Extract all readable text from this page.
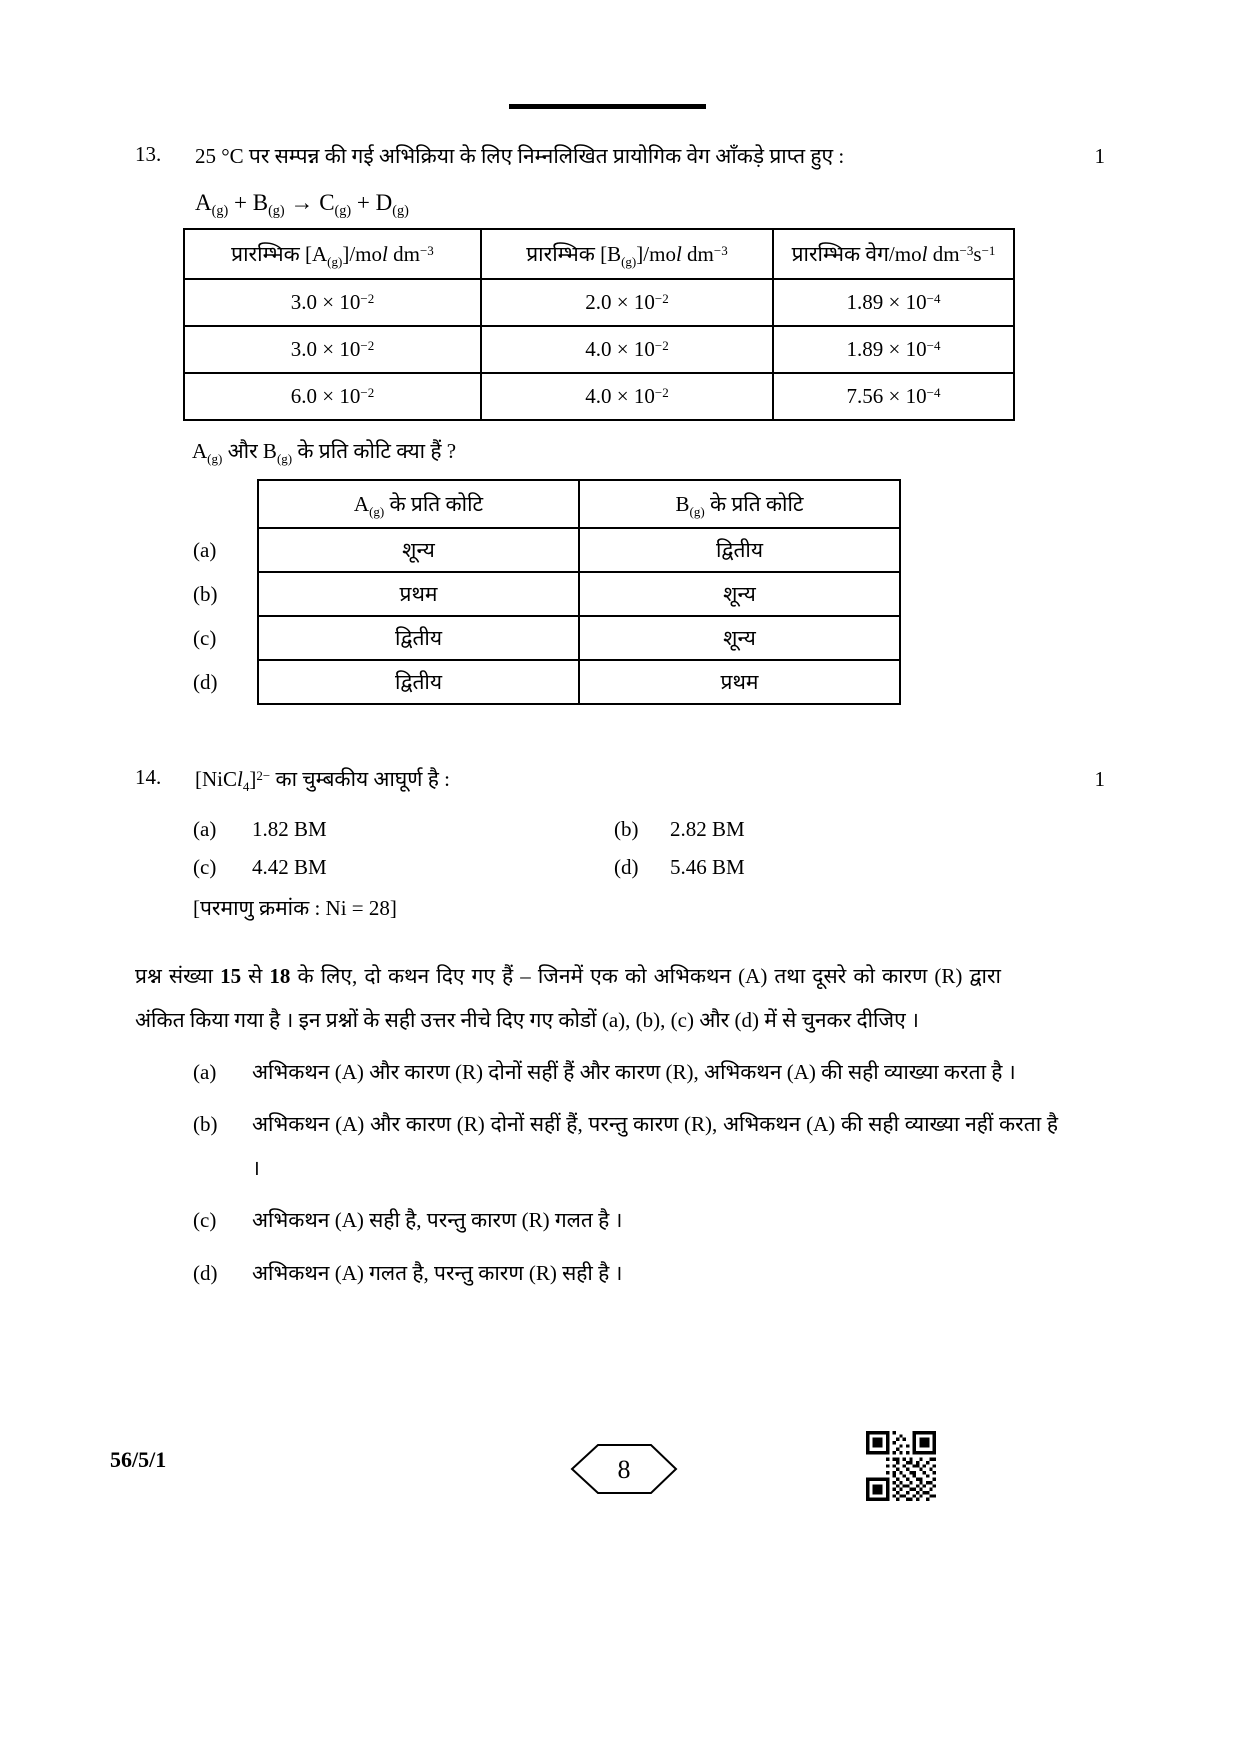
13.	25 °C पर सम्पन्न की गई अभिक्रिया के लिए निम्नलिखित प्रायोगिक वेग आँकड़े प्राप्त हुए :	1
$A_{(g)} + B_{(g)} \to C_{(g)} + D_{(g)}$
प्रारम्भिक $[A_{(g)}]$/mol $dm^{-3}$	प्रारम्भिक $[B_{(g)}]$/mol $dm^{-3}$	प्रारम्भिक वेग/mol $dm^{-3}s^{-1}$
$3.0 \times 10^{-2}$	$2.0 \times 10^{-2}$	$1.89 \times 10^{-4}$
$3.0 \times 10^{-2}$	$4.0 \times 10^{-2}$	$1.89 \times 10^{-4}$
$6.0 \times 10^{-2}$	$4.0 \times 10^{-2}$	$7.56 \times 10^{-4}$
$A_{(g)}$ और $B_{(g)}$ के प्रति कोटि क्या हैं ?
	$A_{(g)}$ के प्रति कोटि	$B_{(g)}$ के प्रति कोटि
(a)	शून्य	द्वितीय
(b)	प्रथम	शून्य
(c)	द्वितीय	शून्य
(d)	द्वितीय	प्रथम
14.	[NiCl$_4$]$^{2-}$ का चुम्बकीय आघूर्ण है :	1
(a)	1.82 BM	(b)	2.82 BM
(c)	4.42 BM	(d)	5.46 BM
[परमाणु क्रमांक : Ni = 28]
प्रश्न संख्या 15 से 18 के लिए, दो कथन दिए गए हैं – जिनमें एक को अभिकथन (A) तथा दूसरे को कारण (R) द्वारा अंकित किया गया है । इन प्रश्नों के सही उत्तर नीचे दिए गए कोडों (a), (b), (c) और (d) में से चुनकर दीजिए ।
(a)	अभिकथन (A) और कारण (R) दोनों सहीं हैं और कारण (R), अभिकथन (A) की सही व्याख्या करता है ।
(b)	अभिकथन (A) और कारण (R) दोनों सहीं हैं, परन्तु कारण (R), अभिकथन (A) की सही व्याख्या नहीं करता है ।
(c)	अभिकथन (A) सही है, परन्तु कारण (R) गलत है ।
(d)	अभिकथन (A) गलत है, परन्तु कारण (R) सही है ।
56/5/1	8
